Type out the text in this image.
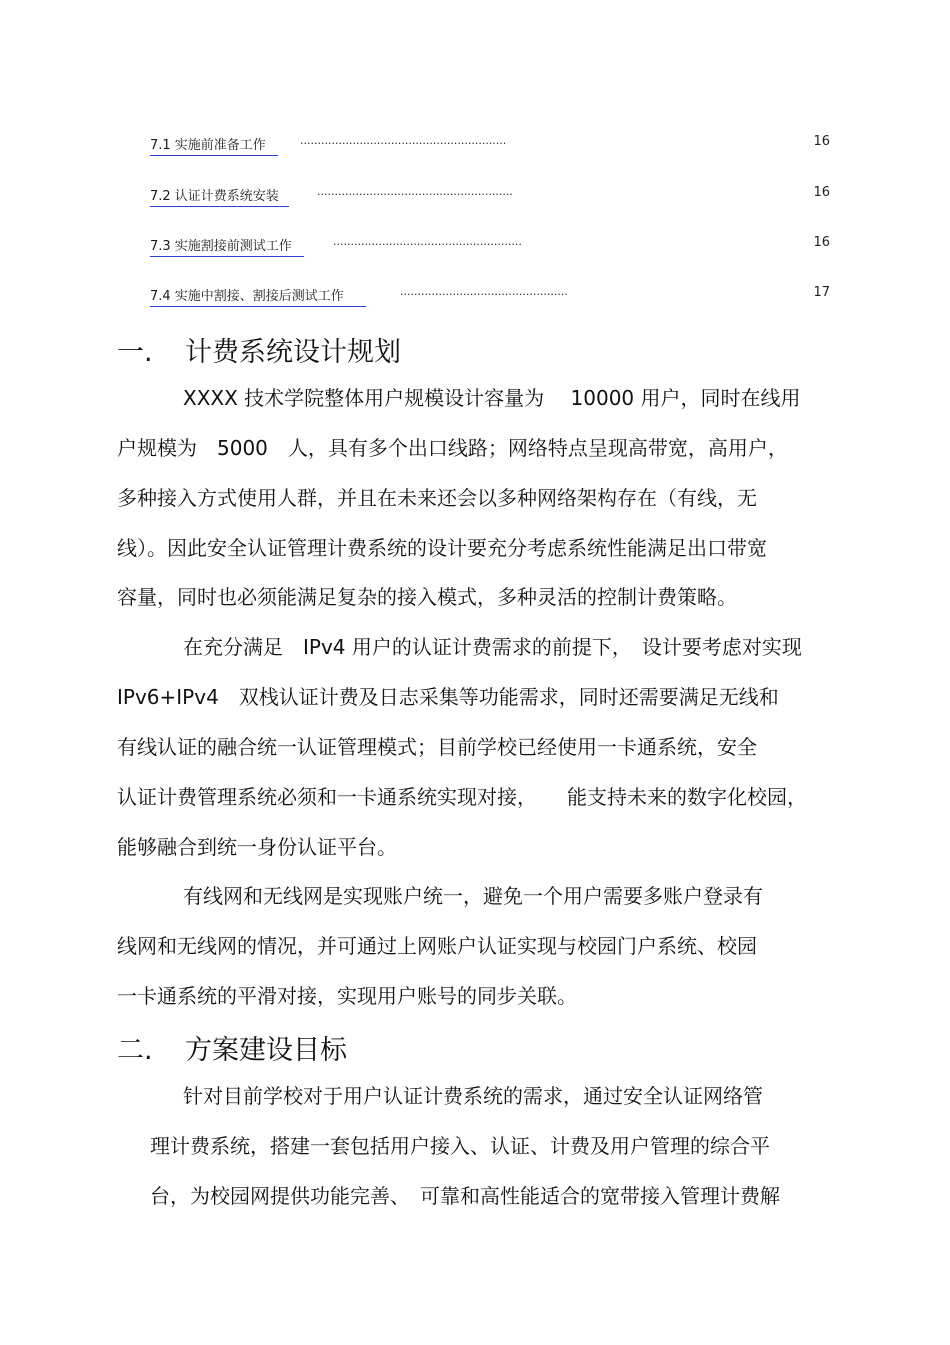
7.1 实施前准备工作	...........................................................	16
7.2 认证计费系统安装	........................................................	16
7.3 实施割接前测试工作	......................................................	16
7.4 实施中割接、割接后测试工作	................................................	17
一. 计费系统设计规划
XXXX 技术学院整体用户规模设计容量为　 10000 用户，同时在线用
户规模为　5000　人，具有多个出口线路；网络特点呈现高带宽，高用户，
多种接入方式使用人群，并且在未来还会以多种网络架构存在（有线，无
线）。因此安全认证管理计费系统的设计要充分考虑系统性能满足出口带宽
容量，同时也必须能满足复杂的接入模式，多种灵活的控制计费策略。
在充分满足　IPv4 用户的认证计费需求的前提下，　设计要考虑对实现
IPv6+IPv4　双栈认证计费及日志采集等功能需求，同时还需要满足无线和
有线认证的融合统一认证管理模式；目前学校已经使用一卡通系统，安全
认证计费管理系统必须和一卡通系统实现对接，　　能支持未来的数字化校园，
能够融合到统一身份认证平台。
有线网和无线网是实现账户统一，避免一个用户需要多账户登录有
线网和无线网的情况，并可通过上网账户认证实现与校园门户系统、校园
一卡通系统的平滑对接，实现用户账号的同步关联。
二. 方案建设目标
针对目前学校对于用户认证计费系统的需求，通过安全认证网络管
理计费系统，搭建一套包括用户接入、认证、计费及用户管理的综合平
台，为校园网提供功能完善、　可靠和高性能适合的宽带接入管理计费解
